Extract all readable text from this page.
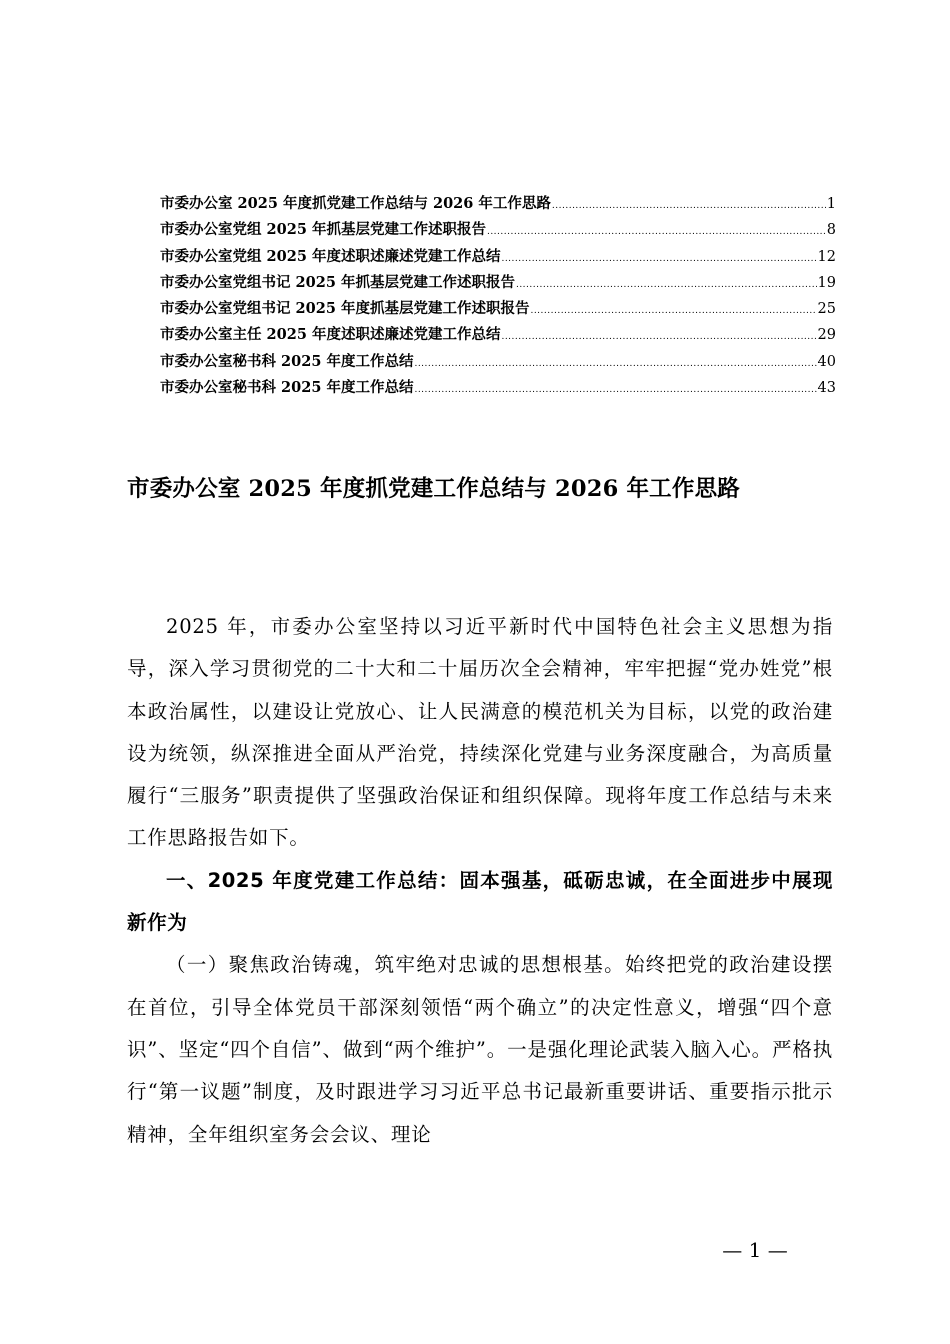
市委办公室 2025 年度抓党建工作总结与 2026 年工作思路 .....	1
市委办公室党组 2025 年抓基层党建工作述职报告 .....	8
市委办公室党组 2025 年度述职述廉述党建工作总结 .....	12
市委办公室党组书记 2025 年抓基层党建工作述职报告 .....	19
市委办公室党组书记 2025 年度抓基层党建工作述职报告 .....	25
市委办公室主任 2025 年度述职述廉述党建工作总结 .....	29
市委办公室秘书科 2025 年度工作总结 .....	40
市委办公室秘书科 2025 年度工作总结 .....	43
市委办公室 2025 年度抓党建工作总结与 2026 年工作思路

2025 年，市委办公室坚持以习近平新时代中国特色社会主义思想为指导，深入学习贯彻党的二十大和二十届历次全会精神，牢牢把握“党办姓党”根本政治属性，以建设让党放心、让人民满意的模范机关为目标，以党的政治建设为统领，纵深推进全面从严治党，持续深化党建与业务深度融合，为高质量履行“三服务”职责提供了坚强政治保证和组织保障。现将年度工作总结与未来工作思路报告如下。

一、2025 年度党建工作总结：固本强基，砥砺忠诚，在全面进步中展现新作为

（一）聚焦政治铸魂，筑牢绝对忠诚的思想根基。始终把党的政治建设摆在首位，引导全体党员干部深刻领悟“两个确立”的决定性意义，增强“四个意识”、坚定“四个自信”、做到“两个维护”。一是强化理论武装入脑入心。严格执行“第一议题”制度，及时跟进学习习近平总书记最新重要讲话、重要指示批示精神，全年组织室务会会议、理论

— 1 —
